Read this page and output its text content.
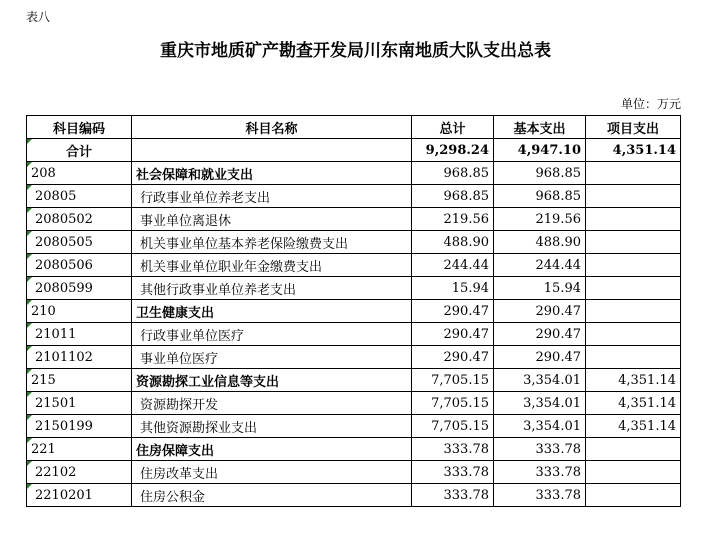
表八
重庆市地质矿产勘查开发局川东南地质大队支出总表
单位：万元
科目编码	科目名称	总计	基本支出	项目支出
合计		9,298.24	4,947.10	4,351.14
208	社会保障和就业支出	968.85	968.85	
20805	行政事业单位养老支出	968.85	968.85	
2080502	事业单位离退休	219.56	219.56	
2080505	机关事业单位基本养老保险缴费支出	488.90	488.90	
2080506	机关事业单位职业年金缴费支出	244.44	244.44	
2080599	其他行政事业单位养老支出	15.94	15.94	
210	卫生健康支出	290.47	290.47	
21011	行政事业单位医疗	290.47	290.47	
2101102	事业单位医疗	290.47	290.47	
215	资源勘探工业信息等支出	7,705.15	3,354.01	4,351.14
21501	资源勘探开发	7,705.15	3,354.01	4,351.14
2150199	其他资源勘探业支出	7,705.15	3,354.01	4,351.14
221	住房保障支出	333.78	333.78	
22102	住房改革支出	333.78	333.78	
2210201	住房公积金	333.78	333.78	
